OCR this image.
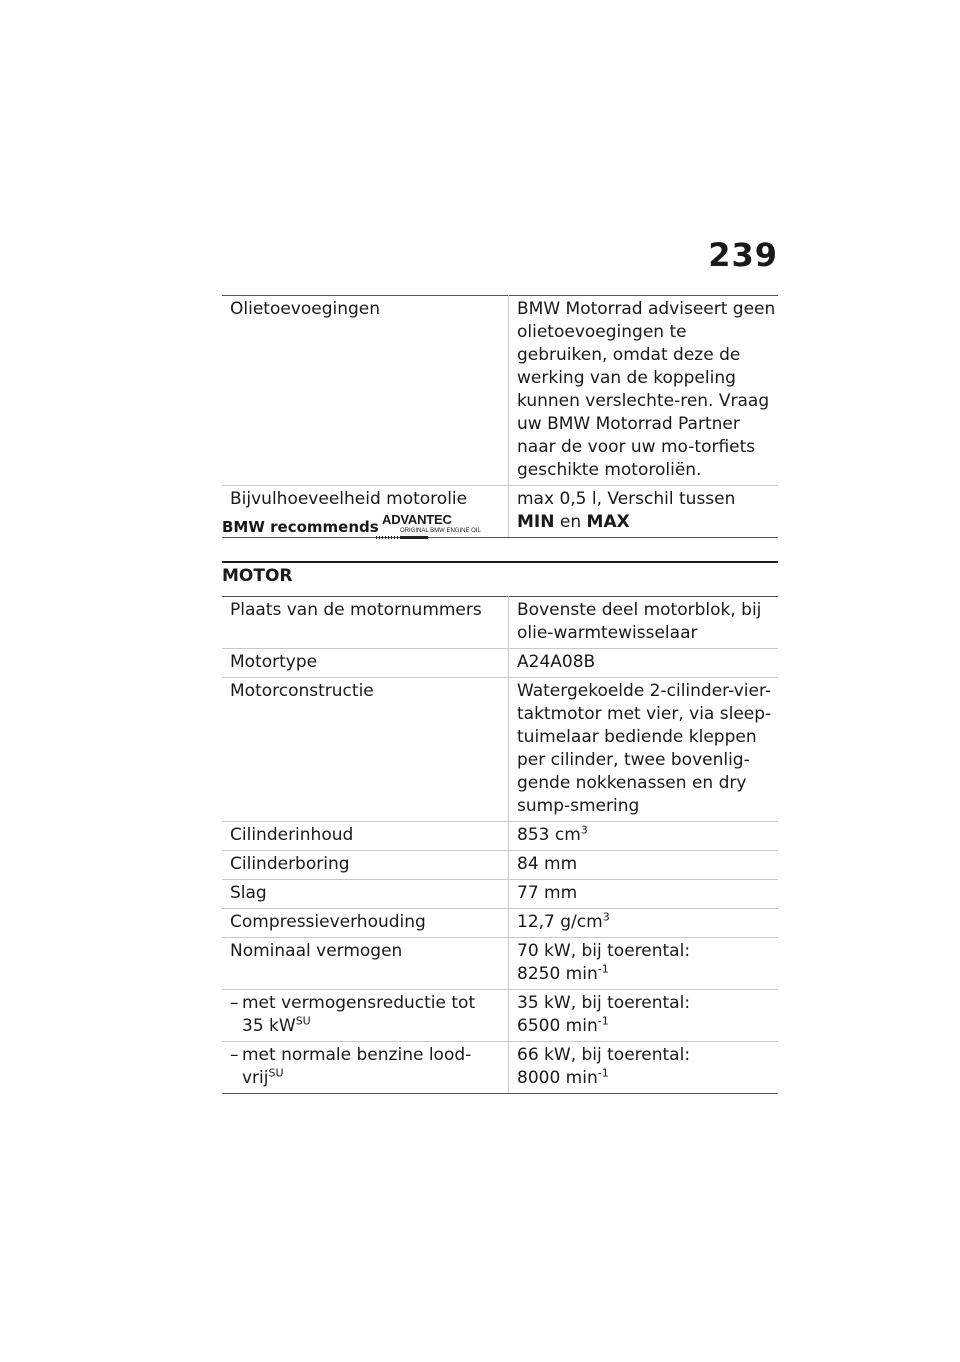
239
Olietoevoegingen	BMW Motorrad adviseert geen olietoevoegingen te gebruiken, omdat deze de werking van de koppeling kunnen verslechte-ren. Vraag uw BMW Motorrad Partner naar de voor uw mo-torfiets geschikte motoroliën.
Bijvulhoeveelheid motorolie	max 0,5 l, Verschil tussen MIN en MAX
BMW recommends ADVANTEC
ORIGINAL BMW ENGINE OIL
MOTOR
Plaats van de motornummers	Bovenste deel motorblok, bij olie-warmtewisselaar
Motortype	A24A08B
Motorconstructie	Watergekoelde 2-cilinder-vier-taktmotor met vier, via sleep-tuimelaar bediende kleppen per cilinder, twee bovenlig-gende nokkenassen en dry sump-smering
Cilinderinhoud	853 $cm^3$
Cilinderboring	84 mm
Slag	77 mm
Compressieverhouding	12,7 $g/cm^3$
Nominaal vermogen	70 kW, bij toerental:
8250 $\min^{-1}$

– met vermogensreductie tot 35 $kW^{SU}$	35 kW, bij toerental:
6500 $\min^{-1}$

– met normale benzine lood-vrij$^{SU}$	66 kW, bij toerental:
8000 $\min^{-1}$
